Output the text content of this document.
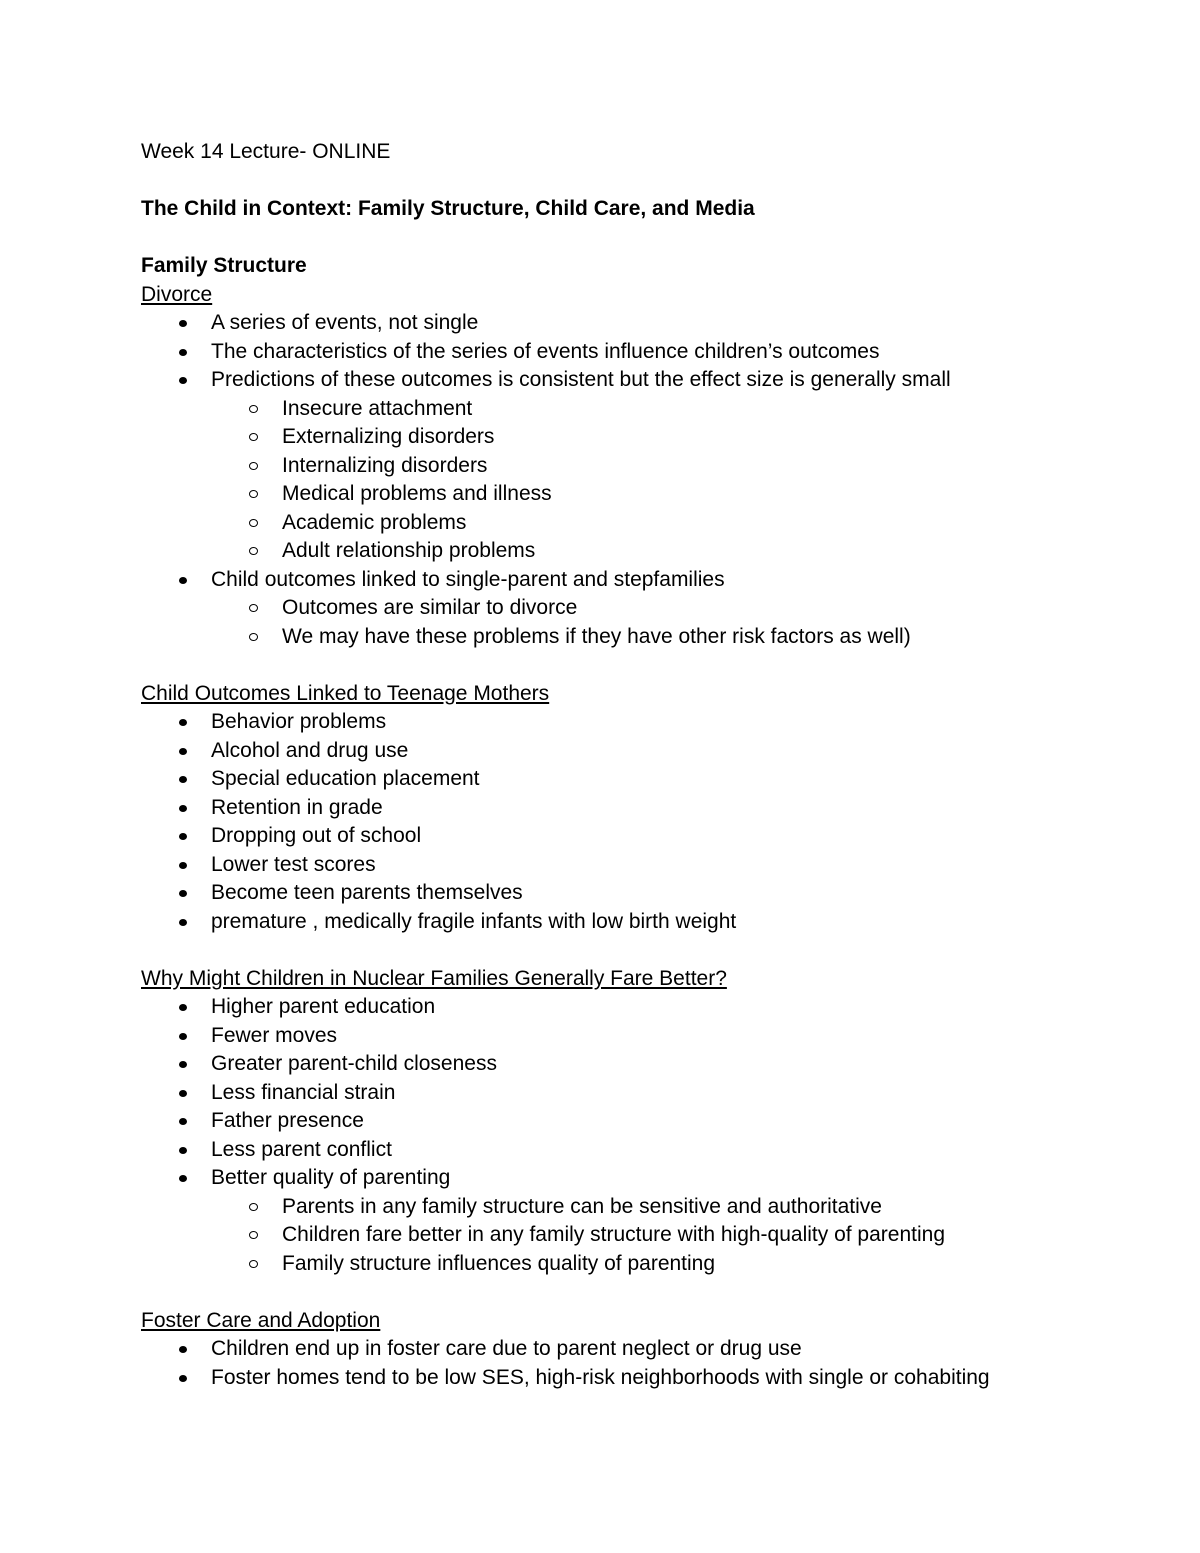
Week 14 Lecture- ONLINE
The Child in Context: Family Structure, Child Care, and Media
Family Structure
Divorce
A series of events, not single
The characteristics of the series of events influence children’s outcomes
Predictions of these outcomes is consistent but the effect size is generally small
Insecure attachment
Externalizing disorders
Internalizing disorders
Medical problems and illness
Academic problems
Adult relationship problems
Child outcomes linked to single-parent and stepfamilies
Outcomes are similar to divorce
We may have these problems if they have other risk factors as well)
Child Outcomes Linked to Teenage Mothers
Behavior problems
Alcohol and drug use
Special education placement
Retention in grade
Dropping out of school
Lower test scores
Become teen parents themselves
premature , medically fragile infants with low birth weight
Why Might Children in Nuclear Families Generally Fare Better?
Higher parent education
Fewer moves
Greater parent-child closeness
Less financial strain
Father presence
Less parent conflict
Better quality of parenting
Parents in any family structure can be sensitive and authoritative
Children fare better in any family structure with high-quality of parenting
Family structure influences quality of parenting
Foster Care and Adoption
Children end up in foster care due to parent neglect or drug use
Foster homes tend to be low SES, high-risk neighborhoods with single or cohabiting
